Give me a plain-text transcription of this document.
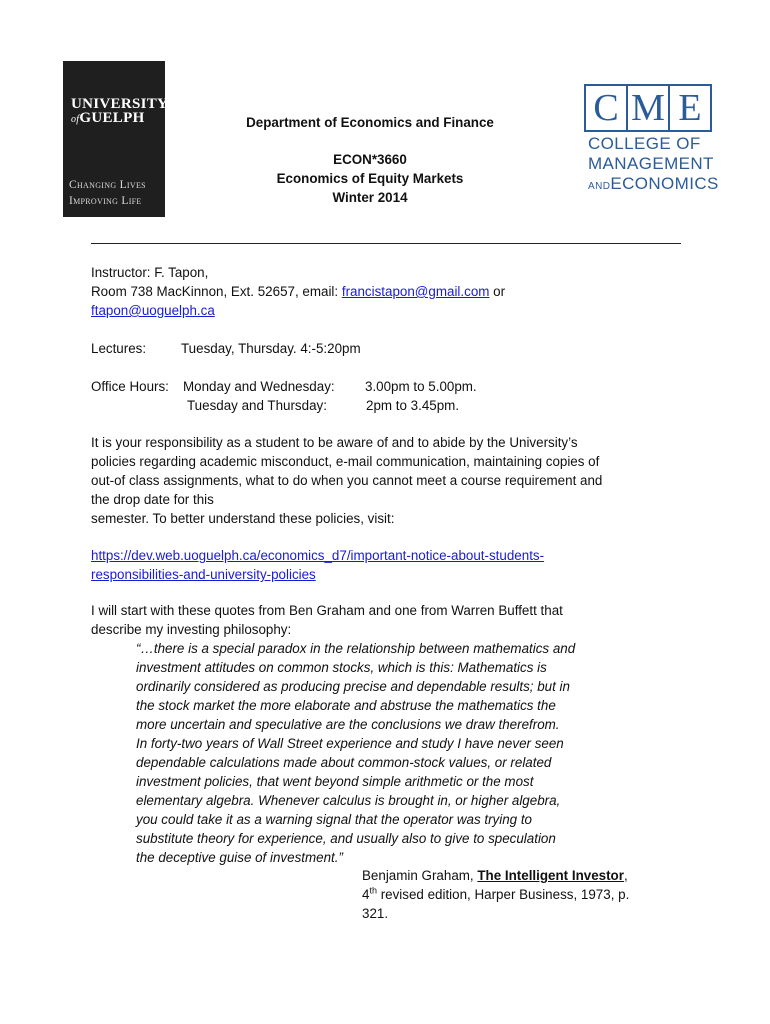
UNIVERSITY
ofGUELPH
Changing Lives
Improving Life
C M E
COLLEGE OF
MANAGEMENT
ANDECONOMICS
Department of Economics and Finance
ECON*3660
Economics of Equity Markets
Winter 2014
Instructor: F. Tapon,
Room 738 MacKinnon, Ext. 52657, email: francistapon@gmail.com or
ftapon@uoguelph.ca
Lectures:	Tuesday, Thursday. 4:-5:20pm
Office Hours: Monday and Wednesday: 3.00pm to 5.00pm.
Tuesday and Thursday:	2pm to 3.45pm.
It is your responsibility as a student to be aware of and to abide by the University’s
policies regarding academic misconduct, e-mail communication, maintaining copies of
out-of class assignments, what to do when you cannot meet a course requirement and
the drop date for this
semester. To better understand these policies, visit:
https://dev.web.uoguelph.ca/economics_d7/important-notice-about-students-
responsibilities-and-university-policies
I will start with these quotes from Ben Graham and one from Warren Buffett that
describe my investing philosophy:
“…there is a special paradox in the relationship between mathematics and
investment attitudes on common stocks, which is this: Mathematics is
ordinarily considered as producing precise and dependable results; but in
the stock market the more elaborate and abstruse the mathematics the
more uncertain and speculative are the conclusions we draw therefrom.
In forty-two years of Wall Street experience and study I have never seen
dependable calculations made about common-stock values, or related
investment policies, that went beyond simple arithmetic or the most
elementary algebra. Whenever calculus is brought in, or higher algebra,
you could take it as a warning signal that the operator was trying to
substitute theory for experience, and usually also to give to speculation
the deceptive guise of investment.”
Benjamin Graham, The Intelligent Investor,
4th revised edition, Harper Business, 1973, p.
321.
